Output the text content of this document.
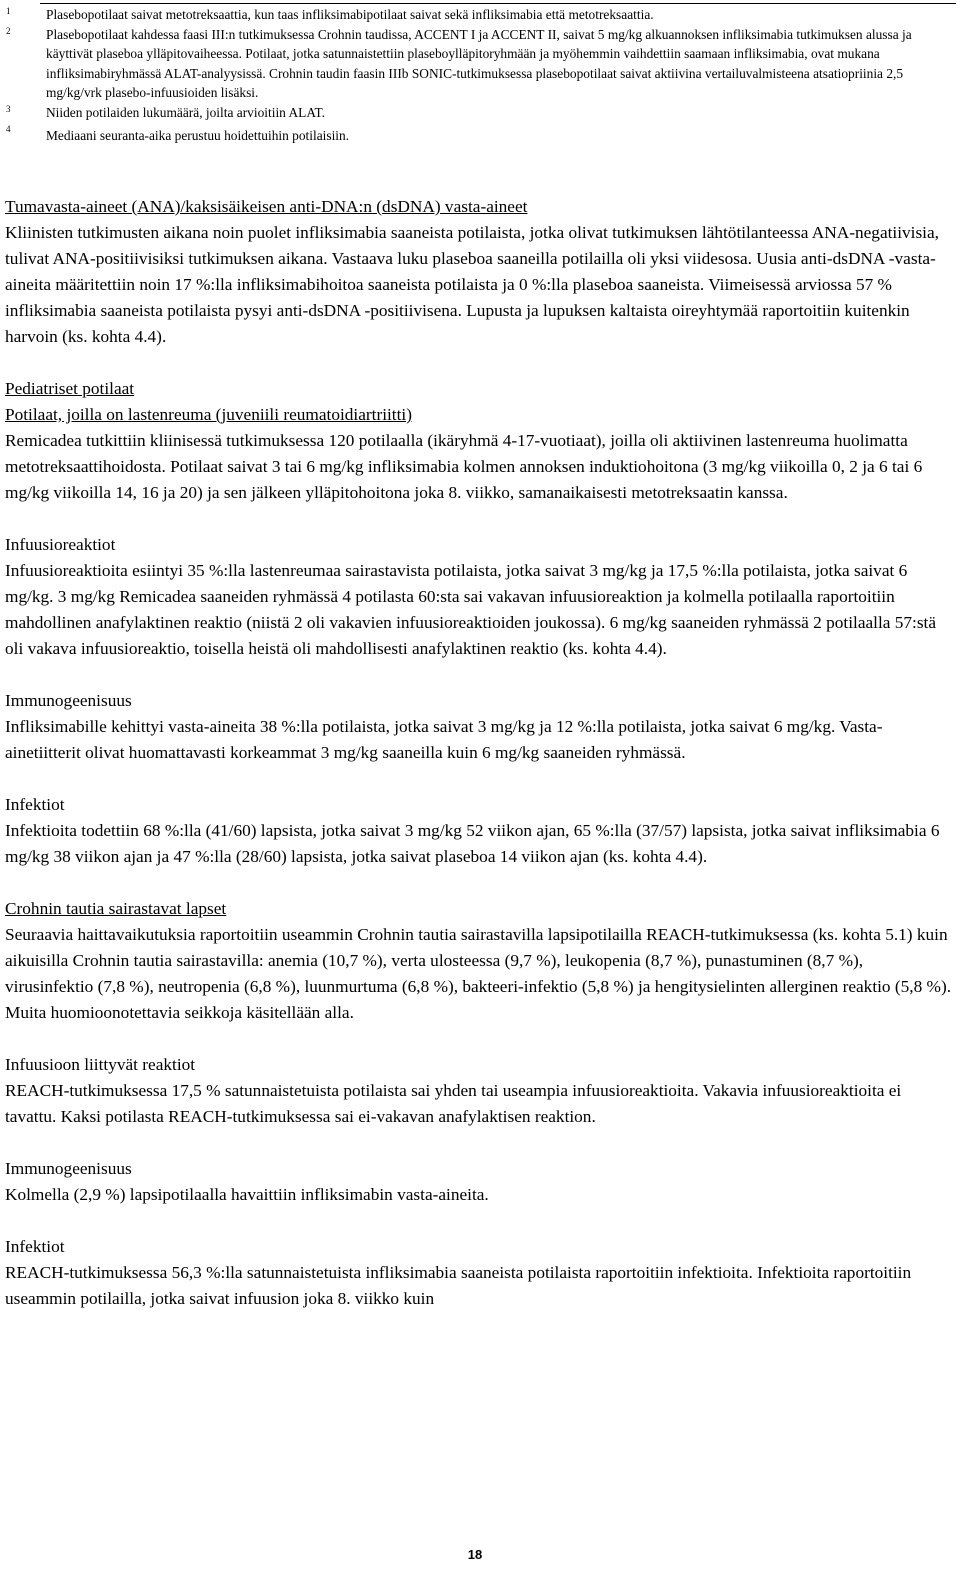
1	Plasebopotilaat saivat metotreksaattia, kun taas infliksimabipotilaat saivat sekä infliksimabia että metotreksaattia.
2	Plasebopotilaat kahdessa faasi III:n tutkimuksessa Crohnin taudissa, ACCENT I ja ACCENT II, saivat 5 mg/kg alkuannoksen infliksimabia tutkimuksen alussa ja käyttivät plaseboa ylläpitovaiheessa. Potilaat, jotka satunnaistettiin plaseboylläpitoryhmään ja myöhemmin vaihdettiin saamaan infliksimabia, ovat mukana infliksimabiryhmässä ALAT-analyysissä. Crohnin taudin faasin IIIb SONIC-tutkimuksessa plasebopotilaat saivat aktiivina vertailuvalmisteena atsatiopriinia 2,5 mg/kg/vrk plasebo-infuusioiden lisäksi.
3	Niiden potilaiden lukumäärä, joilta arvioitiin ALAT.
4	Mediaani seuranta-aika perustuu hoidettuihin potilaisiin.
Tumavasta-aineet (ANA)/kaksisäikeisen anti-DNA:n (dsDNA) vasta-aineet
Kliinisten tutkimusten aikana noin puolet infliksimabia saaneista potilaista, jotka olivat tutkimuksen lähtötilanteessa ANA-negatiivisia, tulivat ANA-positiivisiksi tutkimuksen aikana. Vastaava luku plaseboa saaneilla potilailla oli yksi viidesosa. Uusia anti-dsDNA -vasta-aineita määritettiin noin 17 %:lla infliksimabihoitoa saaneista potilaista ja 0 %:lla plaseboa saaneista. Viimeisessä arviossa 57 % infliksimabia saaneista potilaista pysyi anti-dsDNA -positiivisena. Lupusta ja lupuksen kaltaista oireyhtymää raportoitiin kuitenkin harvoin (ks. kohta 4.4).
Pediatriset potilaat
Potilaat, joilla on lastenreuma (juveniili reumatoidiartriitti)
Remicadea tutkittiin kliinisessä tutkimuksessa 120 potilaalla (ikäryhmä 4-17-vuotiaat), joilla oli aktiivinen lastenreuma huolimatta metotreksaattihoidosta. Potilaat saivat 3 tai 6 mg/kg infliksimabia kolmen annoksen induktiohoitona (3 mg/kg viikoilla 0, 2 ja 6 tai 6 mg/kg viikoilla 14, 16 ja 20) ja sen jälkeen ylläpitohoitona joka 8. viikko, samanaikaisesti metotreksaatin kanssa.
Infuusioreaktiot
Infuusioreaktioita esiintyi 35 %:lla lastenreumaa sairastavista potilaista, jotka saivat 3 mg/kg ja 17,5 %:lla potilaista, jotka saivat 6 mg/kg. 3 mg/kg Remicadea saaneiden ryhmässä 4 potilasta 60:sta sai vakavan infuusioreaktion ja kolmella potilaalla raportoitiin mahdollinen anafylaktinen reaktio (niistä 2 oli vakavien infuusioreaktioiden joukossa). 6 mg/kg saaneiden ryhmässä 2 potilaalla 57:stä oli vakava infuusioreaktio, toisella heistä oli mahdollisesti anafylaktinen reaktio (ks. kohta 4.4).
Immunogeenisuus
Infliksimabille kehittyi vasta-aineita 38 %:lla potilaista, jotka saivat 3 mg/kg ja 12 %:lla potilaista, jotka saivat 6 mg/kg. Vasta-ainetiitterit olivat huomattavasti korkeammat 3 mg/kg saaneilla kuin 6 mg/kg saaneiden ryhmässä.
Infektiot
Infektioita todettiin 68 %:lla (41/60) lapsista, jotka saivat 3 mg/kg 52 viikon ajan, 65 %:lla (37/57) lapsista, jotka saivat infliksimabia 6 mg/kg 38 viikon ajan ja 47 %:lla (28/60) lapsista, jotka saivat plaseboa 14 viikon ajan (ks. kohta 4.4).
Crohnin tautia sairastavat lapset
Seuraavia haittavaikutuksia raportoitiin useammin Crohnin tautia sairastavilla lapsipotilailla REACH-tutkimuksessa (ks. kohta 5.1) kuin aikuisilla Crohnin tautia sairastavilla: anemia (10,7 %), verta ulosteessa (9,7 %), leukopenia (8,7 %), punastuminen (8,7 %), virusinfektio (7,8 %), neutropenia (6,8 %), luunmurtuma (6,8 %), bakteeri-infektio (5,8 %) ja hengitysielinten allerginen reaktio (5,8 %). Muita huomioonotettavia seikkoja käsitellään alla.
Infuusioon liittyvät reaktiot
REACH-tutkimuksessa 17,5 % satunnaistetuista potilaista sai yhden tai useampia infuusioreaktioita. Vakavia infuusioreaktioita ei tavattu. Kaksi potilasta REACH-tutkimuksessa sai ei-vakavan anafylaktisen reaktion.
Immunogeenisuus
Kolmella (2,9 %) lapsipotilaalla havaittiin infliksimabin vasta-aineita.
Infektiot
REACH-tutkimuksessa 56,3 %:lla satunnaistetuista infliksimabia saaneista potilaista raportoitiin infektioita. Infektioita raportoitiin useammin potilailla, jotka saivat infuusion joka 8. viikko kuin
18
